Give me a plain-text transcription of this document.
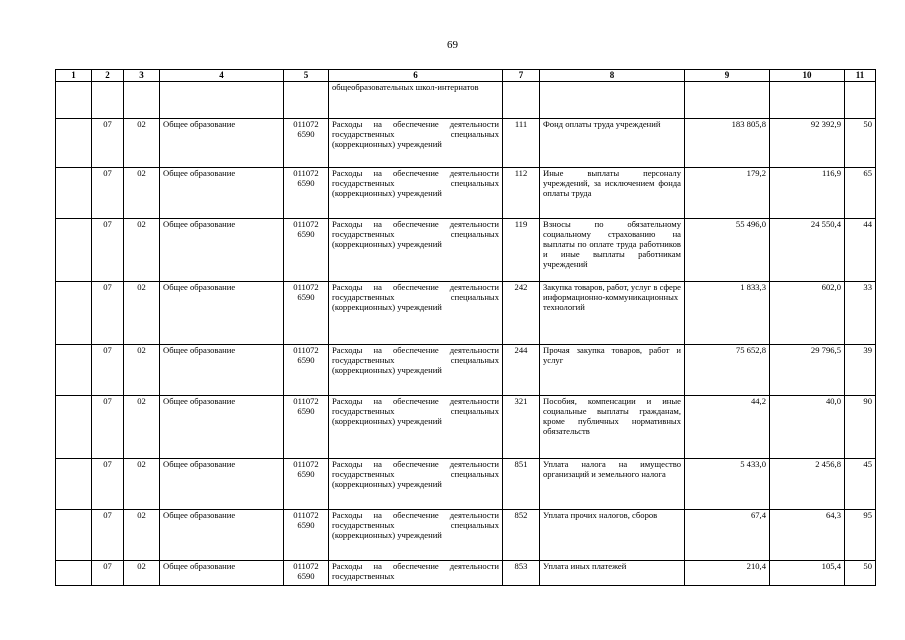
69
1	2	3	4	5	6	7	8	9	10	11
					общеобразовательных школ-интернатов					
	07	02	Общее образование	011072 6590	Расходы на обеспечение деятельности государственных специальных (коррекционных) учреждений	111	Фонд оплаты труда учреждений	183 805,8	92 392,9	50
	07	02	Общее образование	011072 6590	Расходы на обеспечение деятельности государственных специальных (коррекционных) учреждений	112	Иные выплаты персоналу учреждений, за исключением фонда оплаты труда	179,2	116,9	65
	07	02	Общее образование	011072 6590	Расходы на обеспечение деятельности государственных специальных (коррекционных) учреждений	119	Взносы по обязательному социальному страхованию на выплаты по оплате труда работников и иные выплаты работникам учреждений	55 496,0	24 550,4	44
	07	02	Общее образование	011072 6590	Расходы на обеспечение деятельности государственных специальных (коррекционных) учреждений	242	Закупка товаров, работ, услуг в сфере информационно-коммуникационных технологий	1 833,3	602,0	33
	07	02	Общее образование	011072 6590	Расходы на обеспечение деятельности государственных специальных (коррекционных) учреждений	244	Прочая закупка товаров, работ и услуг	75 652,8	29 796,5	39
	07	02	Общее образование	011072 6590	Расходы на обеспечение деятельности государственных специальных (коррекционных) учреждений	321	Пособия, компенсации и иные социальные выплаты гражданам, кроме публичных нормативных обязательств	44,2	40,0	90
	07	02	Общее образование	011072 6590	Расходы на обеспечение деятельности государственных специальных (коррекционных) учреждений	851	Уплата налога на имущество организаций и земельного налога	5 433,0	2 456,8	45
	07	02	Общее образование	011072 6590	Расходы на обеспечение деятельности государственных специальных (коррекционных) учреждений	852	Уплата прочих налогов, сборов	67,4	64,3	95
	07	02	Общее образование	011072 6590	Расходы на обеспечение деятельности государственных	853	Уплата иных платежей	210,4	105,4	50
